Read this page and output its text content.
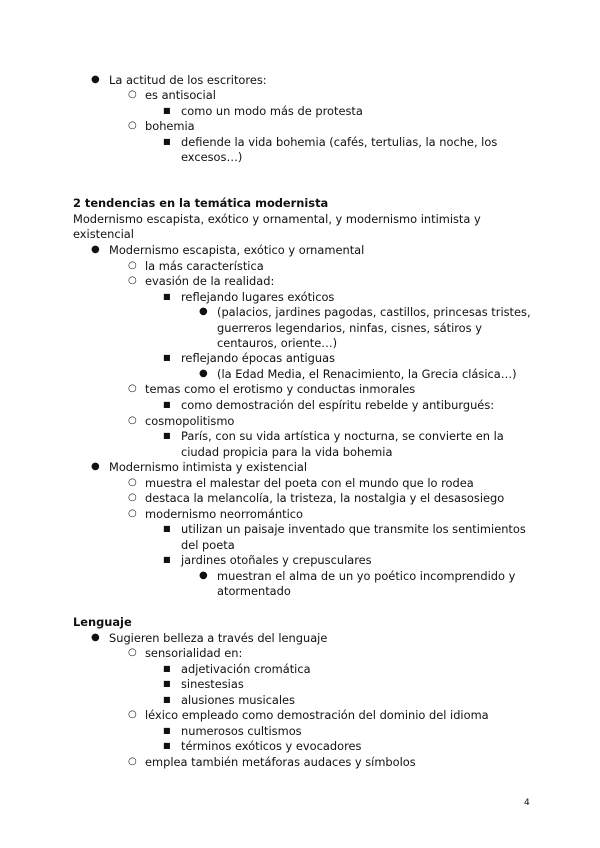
● La actitud de los escritores:
○ es antisocial
■ como un modo más de protesta
○ bohemia
■ defiende la vida bohemia (cafés, tertulias, la noche, los
excesos…)
2 tendencias en la temática modernista
Modernismo escapista, exótico y ornamental, y modernismo intimista y
existencial
● Modernismo escapista, exótico y ornamental
○ la más característica
○ evasión de la realidad:
■ reflejando lugares exóticos
● (palacios, jardines pagodas, castillos, princesas tristes,
guerreros legendarios, ninfas, cisnes, sátiros y
centauros, oriente…)
■ reflejando épocas antiguas
● (la Edad Media, el Renacimiento, la Grecia clásica…)
○ temas como el erotismo y conductas inmorales
■ como demostración del espíritu rebelde y antiburgués:
○ cosmopolitismo
■ París, con su vida artística y nocturna, se convierte en la
ciudad propicia para la vida bohemia
● Modernismo intimista y existencial
○ muestra el malestar del poeta con el mundo que lo rodea
○ destaca la melancolía, la tristeza, la nostalgia y el desasosiego
○ modernismo neorromántico
■ utilizan un paisaje inventado que transmite los sentimientos
del poeta
■ jardines otoñales y crepusculares
● muestran el alma de un yo poético incomprendido y
atormentado
Lenguaje
● Sugieren belleza a través del lenguaje
○ sensorialidad en:
■ adjetivación cromática
■ sinestesias
■ alusiones musicales
○ léxico empleado como demostración del dominio del idioma
■ numerosos cultismos
■ términos exóticos y evocadores
○ emplea también metáforas audaces y símbolos
4
